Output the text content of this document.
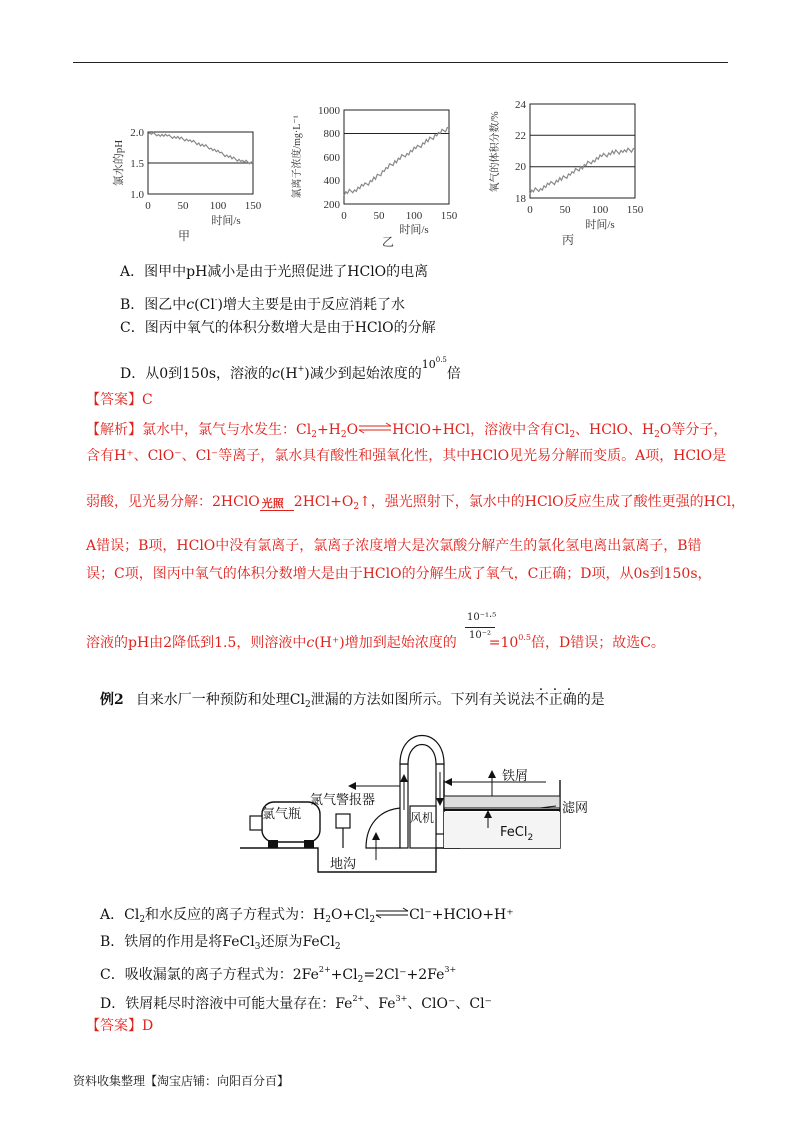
2.0
1.5
1.0
0 50 100 150
时间/s
甲
氯水的pH
1000
800
600
400
200
0 50 100 150
时间/s
乙
氯离子浓度/mg·L⁻¹
24
22
20
18
0 50 100 150
时间/s
丙
氧气的体积分数/%
A．图甲中pH减小是由于光照促进了HClO的电离
B．图乙中c(Cl-)增大主要是由于反应消耗了水
C．图丙中氧气的体积分数增大是由于HClO的分解
D．从0到150s，溶液的c(H+)减少到起始浓度的$^{100.5}$倍
【答案】C
【解析】氯水中，氯气与水发生：$Cl_2+H_2O\rightleftharpoons HClO+HCl$，溶液中含有$Cl_2$、HClO、$H_2O$等分子，
含有H⁺、ClO⁻、Cl⁻等离子，氯水具有酸性和强氧化性，其中HClO见光易分解而变质。A项，HClO是
弱酸，见光易分解：2HClO 光照 $2HCl+O_2↑$，强光照射下，氯水中的HClO反应生成了酸性更强的HCl，
A错误；B项，HClO中没有氯离子，氯离子浓度增大是次氯酸分解产生的氯化氢电离出氯离子，B错
误；C项，图丙中氧气的体积分数增大是由于HClO的分解生成了氧气，C正确；D项，从0s到150s，
溶液的pH由2降低到1.5，则溶液中c(H⁺)增加到起始浓度的 $=10^{0.5}$倍，D错误；故选C。
10⁻¹·⁵
10⁻²
例2 自来水厂一种预防和处理$Cl_2$泄漏的方法如图所示。下列有关说法不正确的是
氯气瓶
氯气警报器
地沟
风机
铁屑
滤网
FeCl$_2$
A．$Cl_2$和水反应的离子方程式为：$H_2O+Cl_2$ ⇌Cl⁻+HClO+H⁺
B．铁屑的作用是将FeCl$_3$还原为FeCl$_2$
C．吸收漏氯的离子方程式为：$2Fe^{2+}+Cl_2=2Cl^-+2Fe^{3+}$
D．铁屑耗尽时溶液中可能大量存在：$Fe^{2+}$、$Fe^{3+}$、ClO⁻、Cl⁻
【答案】D
资料收集整理【淘宝店铺：向阳百分百】
